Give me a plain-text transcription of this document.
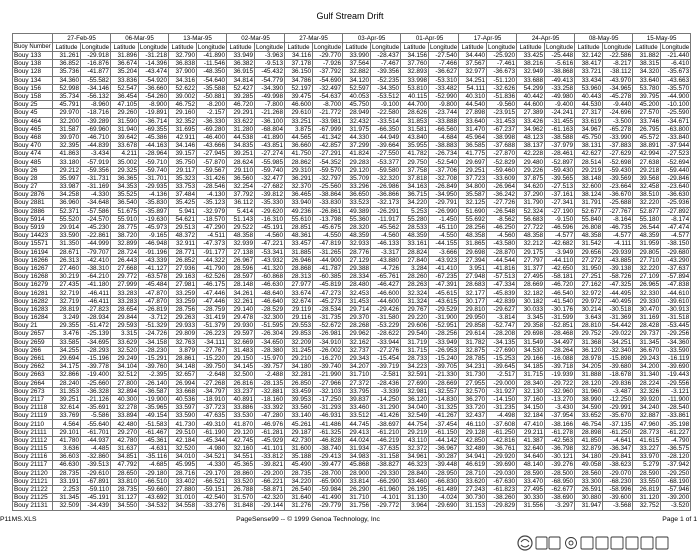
Gulf Stream Drift
	27-Feb-95		06-Mar-95		13-Mar-95		02-Mar-95		27-Mar-95		03-Apr-95		01-Apr-95		17-Apr-95		24-Apr-95		08-May-95		15-May-95	
Buoy Number	Latitude	Longitude	Latitude	Longitude	Latitude	Longitude	Latitude	Longitude	Latitude	Longitude	Latitude	Longitude	Latitude	Longitude	Latitude	Longitude	Latitude	Longitude	Latitude	Longitude	Latitude	Longitude
Bouy 133	31.261	-29.918	31.896	-31.218	32.790	-41.890	33.949	-3.963	34.116	-29.770	33.990	-28.437	34.156	-27.540	34.440	-25.920	33.425	-25.448	32.142	-22.586	31.882	-21.440
Bouy 138	36.852	-16.876	36.674	-14.396	36.838	-11.546	36.382	-9.513	37.178	-7.926	37.564	-7.467	37.760	-7.466	37.567	-7.461	38.216	-5.616	38.417	-8.217	38.315	-6.410
Bouy 128	35.736	-41.877	35.204	-43.474	37.900	-48.350	36.915	-45.432	36.150	-37.792	32.882	-39.356	32.893	-36.627	32.977	-36.673	32.949	-38.868	33.721	-38.112	34.320	-35.673
Bouy 134	34.360	-55.582	33.836	-54.920	34.316	-54.640	34.814	-54.779	34.786	-54.690	34.120	-52.235	33.998	-53.310	34.251	-51.120	33.688	-49.413	33.434	-43.970	33.640	-43.663
Bouy 156	52.998	-34.146	52.547	-36.660	52.622	-35.588	52.427	-34.390	52.197	-32.497	52.597	-34.350	53.810	-33.482	54.111	-32.626	54.299	-33.258	53.960	-34.965	53.780	-35.570
Bouy 158	35.734	-56.132	36.454	-54.260	39.002	-50.881	39.285	-49.998	39.475	-54.637	40.053	-53.512	40.115	-52.990	40.310	-51.836	40.442	-49.980	40.443	-45.278	39.795	-44.900
Bouy 25	45.791	-8.960	47.105	-8.900	46.752	-8.200	46.720	-7.800	46.600	-8.700	45.750	-9.100	44.700	-9.800	44.540	-9.560	44.600	-9.400	44.530	-9.440	45.200	-10.100
Bouy 45	29.970	-18.716	29.260	-19.891	29.160	-2.157	29.291	-21.268	29.610	-21.772	28.949	-22.580	28.626	-23.744	27.898	-23.915	27.389	-24.241	27.317	-24.696	27.570	-25.590
Bouy 464	32.200	-39.289	31.590	-36.714	32.352	-36.330	33.622	-36.100	33.251	-33.981	32.432	-33.514	31.853	-33.888	33.640	-31.453	33.426	-31.455	33.619	-3.500	33.746	-34.671
Bouy 465	31.587	-69.960	31.940	-69.355	31.695	-69.280	31.280	-68.804	3.875	-67.999	31.975	-66.350	31.581	-66.560	31.470	-67.237	34.962	-61.163	34.967	-65.278	26.795	-63.800
Bouy 468	39.970	-46.710	39.642	-45.386	42.911	-46.400	44.538	-41.890	44.565	-41.342	44.330	-44.949	43.840	-4.684	45.964	-38.998	48.123	-38.588	45.750	-33.990	45.572	-33.840
Bouy 470	32.395	-44.839	33.678	-44.163	34.146	-43.666	34.835	-43.851	36.660	-42.857	37.299	-39.664	35.955	-38.883	36.585	-37.688	38.137	-37.979	38.131	-37.883	38.891	-37.944
Bouy 474	41.863	-3.434	4.211	-28.964	39.157	-27.945	39.251	-27.274	41.750	-27.291	41.824	-27.550	41.782	-26.734	41.775	-27.870	42.228	-28.461	42.627	-27.629	42.994	-27.523
Bouy 485	33.180	-57.919	35.002	-59.710	35.750	-57.870	28.624	-55.985	28.862	-54.352	29.283	-53.377	29.750	-52.540	29.697	-52.829	29.480	-52.897	28.514	-52.698	27.638	-52.694
Bouy 26	29.212	-59.356	29.325	-59.740	29.117	-59.567	29.110	-59.740	29.310	-59.570	29.120	-59.580	37.758	-37.706	29.251	-59.460	29.226	-59.430	29.219	-59.430	29.218	-59.440
Bouy 28	35.997	-31.731	36.365	-31.701	35.323	-31.426	36.560	-32.477	36.291	-32.797	35.709	-32.320	37.818	-32.708	37.723	-33.609	37.875	-39.565	38.148	-39.569	39.568	-29.846
Bouy 27	33.987	-31.169	34.353	-29.935	33.753	-28.546	32.254	-27.682	32.370	-25.560	33.296	-26.986	34.163	-26.849	34.800	-26.964	34.620	-27.513	32.600	-23.664	32.458	-23.640
Bouy 2876	34.258	-4.330	35.525	-4.136	37.484	-4.130	37.792	-39.812	36.465	-38.864	36.650	-36.866	36.715	-34.950	35.587	-36.242	37.290	-37.161	38.124	-36.670	38.510	-36.630
Bouy 2881	36.960	-34.648	36.540	-35.830	35.425	-35.123	36.112	-35.330	33.940	-33.830	33.523	-32.173	34.220	-29.791	32.125	-27.726	31.790	-27.341	31.791	-25.688	32.220	-25.936
Bouy 2886	52.371	-57.586	51.675	-35.897	5.941	-32.979	5.414	-29.620	49.236	-26.861	49.389	-26.291	5.253	-26.990	51.690	-26.548	52.324	-27.190	52.677	-27.767	52.877	-27.892
Bouy 5914	55.520	-24.570	55.910	-19.630	54.621	-18.570	51.143	-16.310	55.610	-13.798	55.360	-11.917	55.280	-1.450	55.692	-8.562	56.683	-9.150	55.840	-8.164	55.180	-8.174
Bouy 5919	29.914	-45.230	28.775	-45.973	29.513	-47.290	29.522	-45.191	28.851	-45.675	28.320	-45.562	28.533	-45.110	28.256	-46.250	27.722	-46.596	26.808	-46.735	26.544	-47.474
Bouy 14423	33.590	-22.861	38.720	-9.165	48.372	-4.511	48.358	-4.560	48.361	-4.550	48.359	-4.560	48.359	-4.550	48.358	-4.560	48.358	-4.577	48.358	-4.577	48.359	-4.577
Bouy 15571	31.350	-44.999	32.899	-46.948	32.911	-47.373	32.939	-47.221	33.457	-47.819	32.933	-46.133	33.161	-44.155	31.865	-43.580	32.212	-42.682	31.542	-4.111	31.959	-38.150
Bouy 16194	28.671	-79.707	28.724	-91.196	28.771	-91.177	27.138	-53.341	31.885	-31.265	28.776	-3.317	28.824	-3.666	29.698	-28.870	29.175	-3.949	29.656	-29.939	29.805	-29.680
Bouy 16266	26.313	-42.410	26.443	-43.339	26.852	-44.322	26.967	-43.932	26.946	-44.900	27.129	-43.880	27.840	-43.923	27.394	-44.544	27.797	-44.110	27.272	-43.885	27.710	-43.290
Bouy 16267	27.460	-38.310	27.668	-41.127	27.936	-41.790	28.596	-41.320	28.868	-41.787	29.388	-4.726	3.284	-41.410	3.951	-41.816	31.377	-42.650	31.950	-39.138	32.220	-37.637
Bouy 16268	30.219	-64.210	29.772	-63.578	29.163	-62.526	28.597	-60.868	28.313	-60.385	28.334	-65.761	28.260	-67.235	27.948	-57.513	27.495	-58.181	27.251	-58.726	27.109	-57.894
Bouy 16279	27.435	-41.180	27.999	-45.484	27.981	-46.175	28.148	-46.630	27.977	-45.819	28.480	-46.427	28.263	-47.391	28.683	-47.334	28.669	-46.720	27.162	-47.325	26.965	-47.838
Bouy 16281	32.719	-46.411	33.283	-47.870	33.259	-47.446	34.261	-48.640	33.674	-47.273	32.453	-46.600	32.324	-45.615	32.177	-45.839	32.182	-46.540	32.972	-44.495	32.330	-44.610
Bouy 16282	32.719	-46.411	33.283	-47.870	33.259	-47.446	32.261	-46.640	32.674	-45.273	31.453	-44.600	31.324	-43.615	30.177	-42.839	30.182	-41.540	29.972	-40.495	29.330	-39.610
Bouy 16283	28.819	-27.823	28.654	-26.819	28.756	-28.759	29.140	-28.529	29.119	-28.534	29.714	-29.426	29.767	-29.529	29.810	-29.627	30.033	-30.176	30.214	-30.518	30.470	-30.913
Bouy 16284	3.249	-28.934	29.844	-3.712	29.263	-31.419	29.478	-32.300	29.116	-31.735	29.370	-31.580	29.220	-31.900	29.950	-3.814	3.345	-31.599	3.643	-31.369	31.169	-31.518
Bouy 21	29.355	-51.472	29.593	-51.329	29.933	-51.379	29.930	-51.595	29.553	-52.672	28.268	-53.229	29.606	-52.951	29.858	-52.747	29.358	-52.851	28.810	-54.442	28.428	-53.445
Bouy 2657	3.476	-25.139	3.315	-24.726	29.809	-26.223	29.597	-26.304	29.853	-26.981	29.962	-28.622	29.540	-28.256	29.614	-28.208	29.698	-28.468	29.752	-29.022	29.737	-29.256
Bouy 2659	33.585	-34.695	33.629	-34.158	32.763	-34.111	32.669	-34.650	32.209	-34.910	32.162	-33.944	31.719	-33.949	31.782	-34.135	31.549	-34.497	31.368	-34.251	31.345	-34.360
Bouy 266	34.255	-28.293	32.520	-28.230	3.879	-27.767	31.483	-28.380	31.245	-26.002	32.737	-27.276	31.715	-26.953	32.875	-27.690	34.530	-28.264	36.120	-32.340	36.670	-33.590
Bouy 2661	29.694	-15.196	29.249	-15.291	28.861	-15.220	29.150	-15.970	29.210	-16.270	29.343	-15.454	28.733	-15.240	28.785	-15.253	29.166	-16.088	28.978	-15.898	29.243	-16.119
Bouy 2662	34.175	-39.778	34.104	-39.760	34.148	-39.750	34.145	-39.757	34.180	-39.740	34.207	-39.719	34.223	-39.705	34.231	-39.645	34.185	-39.718	34.205	-39.680	34.200	-39.690
Bouy 2663	32.866	-19.400	32.512	-2.395	32.657	-2.648	32.500	-2.488	32.281	-21.990	31.710	-2.581	32.591	-21.330	31.730	-2.517	31.715	-19.939	31.888	-18.678	31.340	-19.443
Bouy 2664	28.240	-25.660	27.800	-26.140	26.994	-27.268	26.816	-28.135	26.850	-27.966	27.372	-28.436	27.690	-28.669	27.955	-29.000	28.340	-29.722	28.120	-29.836	28.224	-29.556
Bouy 2673	31.353	-36.328	32.894	-36.587	33.668	-34.797	33.237	-32.881	33.459	-32.103	33.795	-3.339	32.981	-32.557	32.570	-31.927	32.130	-32.960	31.960	-3.487	32.326	-3.121
Bouy 2117	39.251	-21.126	40.300	-19.900	40.536	-18.910	40.891	-18.160	39.953	-17.250	39.837	-14.250	36.120	-14.830	36.270	-14.150	37.160	-13.270	38.990	-12.250	39.920	-11.900
Bouy 21118	32.614	-35.691	32.278	-35.965	33.597	-37.723	33.886	-33.392	33.560	-31.293	33.460	-31.290	34.040	-31.325	33.720	-31.235	34.150	-3.430	34.590	-29.991	34.240	-28.540
Bouy 21119	33.769	-5.586	33.894	-49.154	33.590	-47.635	33.530	-47.280	33.140	-46.931	33.512	-41.426	32.549	-41.267	32.437	-4.498	32.184	-37.954	33.652	-35.670	32.887	-33.861
Bouy 2110	4.564	-55.640	42.480	-51.583	41.730	-49.310	41.870	-46.976	45.261	-41.486	44.745	-38.697	44.754	-37.454	46.110	-37.608	47.410	-38.166	46.754	-37.135	47.960	-35.198
Bouy 21111	29.101	-61.701	29.270	-61.467	29.510	-61.190	29.120	-61.281	29.187	-61.325	29.413	-61.210	29.219	-61.150	29.128	-61.250	29.211	-61.278	28.898	-61.250	28.773	-61.227
Bouy 21112	41.780	-44.937	42.780	-45.361	42.184	-45.344	42.745	-45.929	42.730	-46.828	44.024	-46.219	43.110	-44.142	42.850	-42.816	41.387	-42.563	41.850	-4.641	41.615	-4.790
Bouy 21115	3.636	-4.485	31.637	-4.631	32.520	-4.980	32.160	-41.101	31.600	-38.740	31.934	-37.635	32.372	-36.967	32.489	-36.761	32.640	-36.798	32.879	-36.347	33.227	-36.575
Bouy 21116	36.603	-32.860	34.851	-35.116	34.010	-34.521	34.551	-33.812	35.188	-29.413	34.983	-31.158	34.961	-30.287	34.941	-29.920	34.640	-30.121	34.180	-29.841	33.970	-28.120
Bouy 21117	46.630	-39.513	47.792	-4.685	45.995	-4.330	45.365	-39.821	45.490	-39.477	45.868	-38.827	46.323	-39.448	46.619	-39.690	48.140	-39.276	49.058	-38.623	5.279	-37.942
Bouy 21120	28.735	-29.610	28.650	-29.180	28.716	-29.170	28.860	-29.200	28.735	-28.700	28.900	-29.330	28.840	-28.950	28.710	-29.030	28.590	-28.500	28.560	-29.070	28.590	-29.250
Bouy 21121	33.191	-67.891	33.810	-66.510	33.402	-66.521	33.520	-66.221	34.220	-65.900	33.814	-66.290	33.460	-66.830	33.620	-67.630	33.470	-68.950	33.300	-68.230	33.550	-68.190
Bouy 21122	2.253	-59.110	28.735	-59.660	27.880	-59.151	26.788	-58.871	26.540	-59.984	26.290	-61.960	26.195	-61.489	27.243	-61.823	27.495	-62.677	26.591	-58.996	26.819	-57.946
Bouy 21125	31.345	-45.191	31.127	-43.692	31.010	-42.540	31.570	-42.320	31.640	-41.490	31.710	-4.101	31.130	-4.024	30.730	-38.260	30.330	-38.690	30.880	-39.600	31.120	-39.200
Bouy 21131	32.509	-34.439	34.550	-34.532	34.558	-33.276	31.848	-29.144	31.276	-29.779	31.756	-29.772	3.964	-29.690	31.153	-29.829	31.556	-3.297	31.947	-3.568	32.752	-3.520
P11MS.XLS	PageSense99 -- © 1999 Genoa Technology, Inc	Page 1 of 1
